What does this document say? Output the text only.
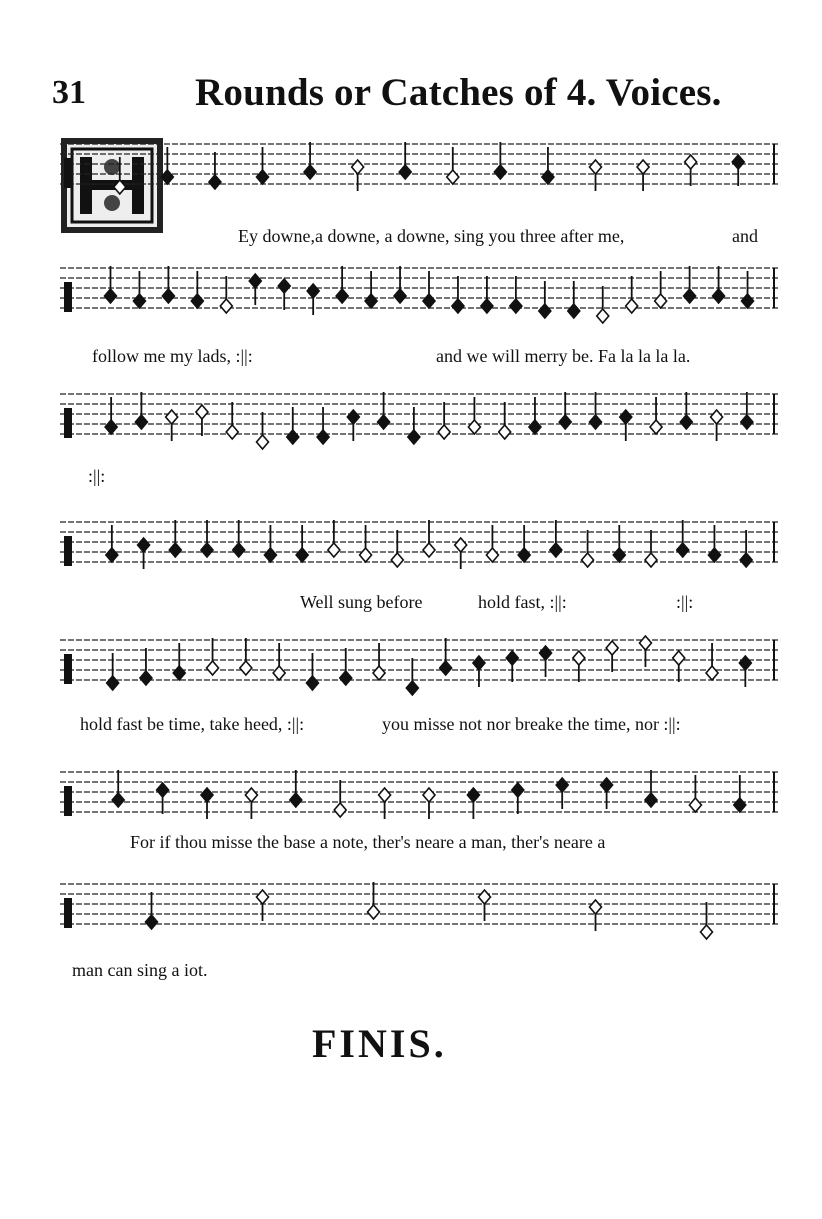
31	Rounds or Catches of 4. Voices.
Ey downe,a downe, a downe, sing you three after me,	and
follow me my lads, :||:	and we will merry be. Fa la la la la.
:||:
Well sung before	hold fast, :||:	:||:
hold fast be time, take heed, :||:	you misse not nor breake the time, nor :||:
For if thou misse the base a note, ther's neare a man, ther's neare a
man can sing a iot.
FINIS.
